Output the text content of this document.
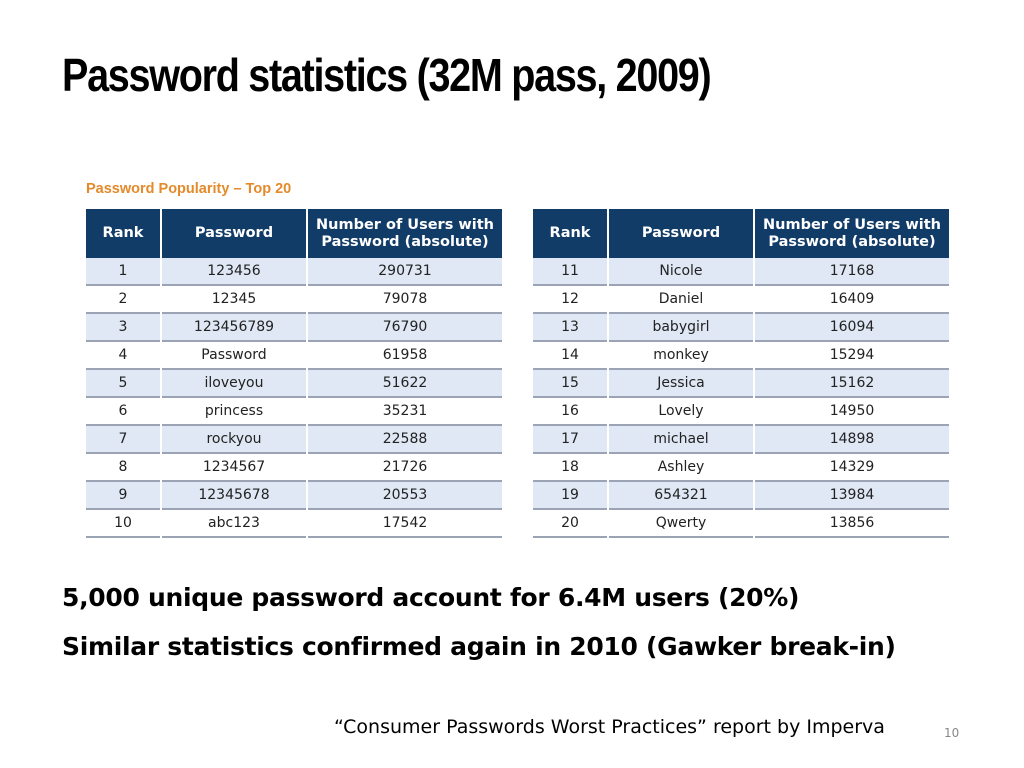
Password statistics (32M pass, 2009)
Password Popularity – Top 20
Rank	Password	Number of Users with Password (absolute)
1	123456	290731
2	12345	79078
3	123456789	76790
4	Password	61958
5	iloveyou	51622
6	princess	35231
7	rockyou	22588
8	1234567	21726
9	12345678	20553
10	abc123	17542
Rank	Password	Number of Users with Password (absolute)
11	Nicole	17168
12	Daniel	16409
13	babygirl	16094
14	monkey	15294
15	Jessica	15162
16	Lovely	14950
17	michael	14898
18	Ashley	14329
19	654321	13984
20	Qwerty	13856
5,000 unique password account for 6.4M users (20%)
Similar statistics confirmed again in 2010 (Gawker break-in)
“Consumer Passwords Worst Practices” report by Imperva	10
